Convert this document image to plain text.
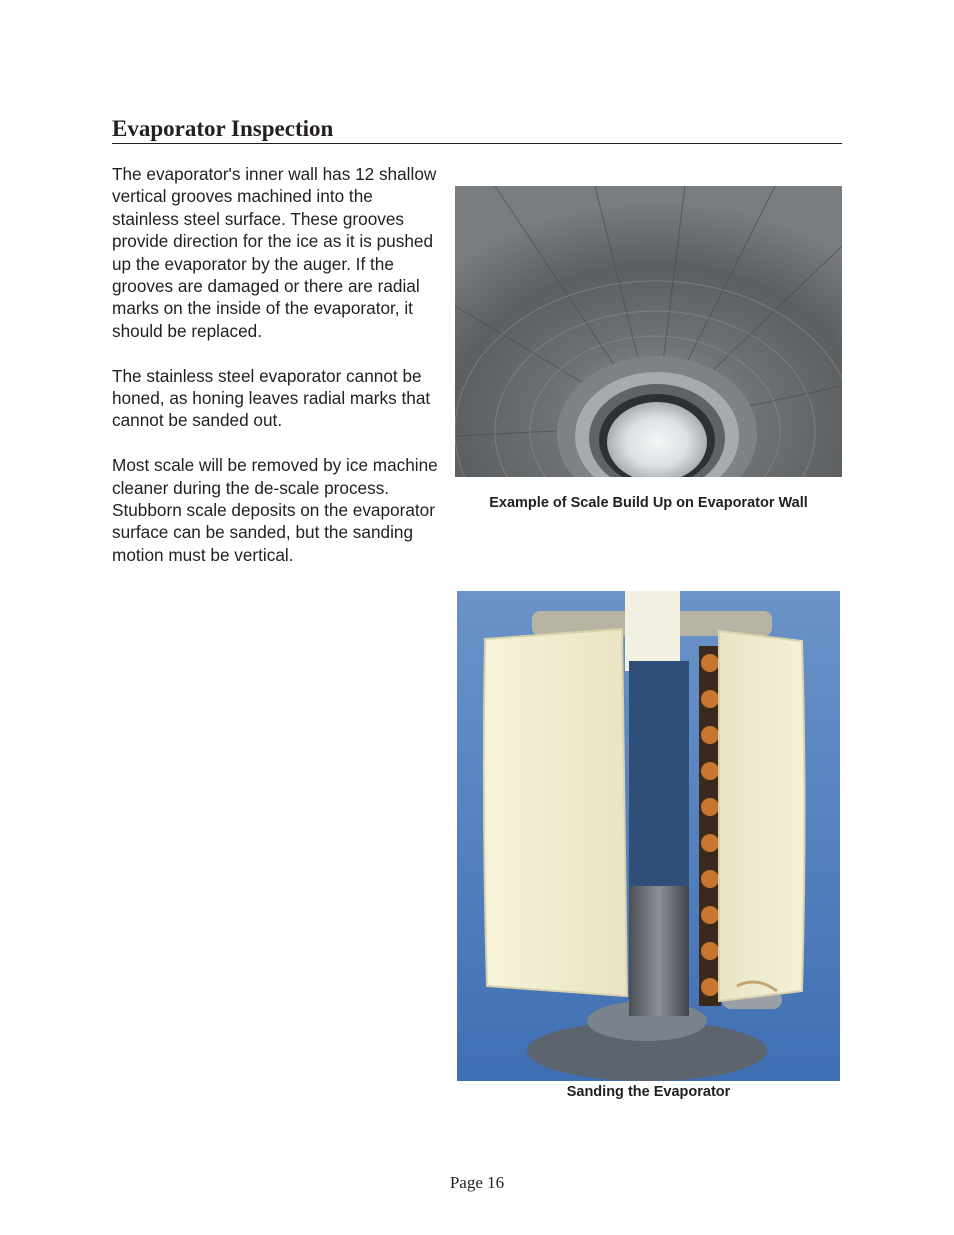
Evaporator Inspection

The evaporator's inner wall has 12 shallow vertical grooves machined into the stainless steel surface. These grooves provide direction for the ice as it is pushed up the evaporator by the auger. If the grooves are damaged or there are radial marks on the inside of the evaporator, it should be replaced.

The stainless steel evaporator cannot be honed, as honing leaves radial marks that cannot be sanded out.

Most scale will be removed by ice machine cleaner during the de-scale process. Stubborn scale deposits on the evaporator surface can be sanded, but the sanding motion must be vertical.

Example of Scale Build Up on Evaporator Wall
Sanding the Evaporator
Page 16
